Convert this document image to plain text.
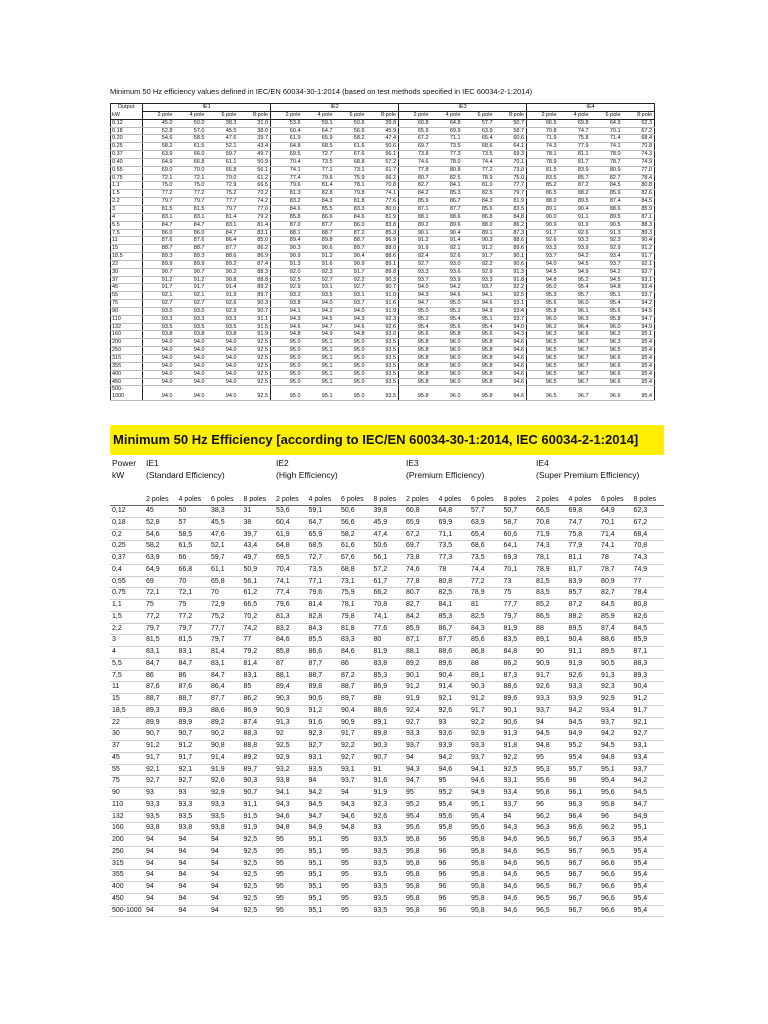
Minimum 50 Hz efficiency values defined in IEC/EN 60034-30-1:2014 (based on test methods specified in IEC 60034-2-1:2014)
Output	IE1				IE2				IE3				IE4			
kW	2 pole	4 pole	6 pole	8 pole	2 pole	4 pole	6 pole	8 pole	2 pole	4 pole	6 pole	8 pole	2 pole	4 pole	6 pole	8 pole
0.12	45.0	50.0	38.3	31.0	53.6	59.1	50.6	39.8	60.8	64.8	57.7	50.7	66.5	69.8	64.9	62.3
0.18	52.8	57.0	45.5	38.0	60.4	64.7	56.6	45.9	65.9	69.9	63.9	58.7	70.8	74.7	70.1	67.2
0.20	54.6	58.5	47.6	39.7	61.9	65.9	58.2	47.4	67.2	71.1	65.4	60.6	71.9	75.8	71.4	68.4
0.25	58.2	61.5	52.1	43.4	64.8	68.5	61.6	50.6	69.7	73.5	68.6	64.1	74.3	77.9	74.1	70.8
0.37	63.9	66.0	59.7	49.7	69.5	72.7	67.6	56.1	73.8	77.3	73.5	69.3	78.1	81.1	78.0	74.3
0.40	64.9	66.8	61.1	50.9	70.4	73.5	68.8	57.2	74.6	78.0	74.4	70.1	78.9	81.7	78.7	74.9
0.55	69.0	70.0	65.8	56.1	74.1	77.1	73.1	61.7	77.8	80.8	77.2	73.0	81.5	83.9	80.9	77.0
0.75	72.1	72.1	70.0	61.2	77.4	79.6	75.9	66.2	80.7	82.5	78.9	75.0	83.5	85.7	82.7	78.4
1.1	75.0	75.0	72.9	66.5	79.6	81.4	78.1	70.8	82.7	84.1	81.0	77.7	85.2	87.2	84.5	80.8
1.5	77.2	77.2	75.2	70.2	81.3	82.8	79.8	74.1	84.2	85.3	82.5	79.7	86.5	88.2	85.9	82.6
2.2	79.7	79.7	77.7	74.2	83.2	84.3	81.8	77.6	85.9	86.7	84.3	81.9	88.0	89.5	87.4	84.5
3	81.5	81.5	79.7	77.0	84.6	85.5	83.3	80.0	87.1	87.7	85.6	83.5	89.1	90.4	88.6	85.9
4	83.1	83.1	81.4	79.2	85.8	86.6	84.6	81.9	88.1	88.6	86.8	84.8	90.0	91.1	89.5	87.1
5.5	84.7	84.7	83.1	81.4	87.0	87.7	86.0	83.8	89.2	89.6	88.0	86.2	90.9	91.9	90.5	88.3
7.5	86.0	86.0	84.7	83.1	88.1	88.7	87.2	85.3	90.1	90.4	89.1	87.3	91.7	92.6	91.3	89.3
11	87.6	87.6	86.4	85.0	89.4	89.8	88.7	86.9	91.2	91.4	90.3	88.6	92.6	93.3	92.3	90.4
15	88.7	88.7	87.7	86.2	90.3	90.6	89.7	88.0	91.9	92.1	91.2	89.6	93.3	93.9	92.9	91.2
18.5	89.3	89.3	88.6	86.9	90.9	91.2	90.4	88.6	92.4	92.6	91.7	90.1	93.7	94.2	93.4	91.7
22	89.9	89.9	89.2	87.4	91.3	91.6	90.9	89.1	92.7	93.0	92.2	90.6	94.0	94.5	93.7	92.1
30	90.7	90.7	90.2	88.3	92.0	92.3	91.7	89.8	93.3	93.6	92.9	91.3	94.5	94.9	94.2	92.7
37	91.2	91.2	90.8	88.8	92.5	92.7	92.2	90.3	93.7	93.9	93.3	91.8	94.8	95.2	94.5	93.1
45	91.7	91.7	91.4	89.2	92.9	93.1	92.7	90.7	94.0	94.2	93.7	92.2	95.0	95.4	94.8	93.4
55	92.1	92.1	91.9	89.7	93.2	93.5	93.1	91.0	94.3	94.6	94.1	92.5	95.3	95.7	95.1	93.7
75	92.7	92.7	92.6	90.3	93.8	94.0	93.7	91.6	94.7	95.0	94.6	93.1	95.6	96.0	95.4	94.2
90	93.0	93.0	92.9	90.7	94.1	94.2	94.0	91.9	95.0	95.2	94.9	93.4	95.8	96.1	95.6	94.5
110	93.3	93.3	93.3	91.1	94.3	94.5	94.3	92.3	95.2	95.4	95.1	93.7	96.0	96.3	95.8	94.7
132	93.5	93.5	93.5	91.5	94.6	94.7	94.6	92.6	95.4	95.6	95.4	94.0	96.2	96.4	96.0	94.9
160	93.8	93.8	93.8	91.9	94.8	94.9	94.8	93.0	95.6	95.8	95.6	94.3	96.3	96.6	96.2	95.1
200	94.0	94.0	94.0	92.5	95.0	95.1	95.0	93.5	95.8	96.0	95.8	94.6	96.5	96.7	96.3	95.4
250	94.0	94.0	94.0	92.5	95.0	95.1	95.0	93.5	95.8	96.0	95.8	94.6	96.5	96.7	96.5	95.4
315	94.0	94.0	94.0	92.5	95.0	95.1	95.0	93.5	95.8	96.0	95.8	94.6	96.5	96.7	96.6	95.4
355	94.0	94.0	94.0	92.5	95.0	95.1	95.0	93.5	95.8	96.0	95.8	94.6	96.5	96.7	96.6	95.4
400	94.0	94.0	94.0	92.5	95.0	95.1	95.0	93.5	95.8	96.0	95.8	94.6	96.5	96.7	96.6	95.4
450	94.0	94.0	94.0	92.5	95.0	95.1	95.0	93.5	95.8	96.0	95.8	94.6	96.5	96.7	96.6	95.4

500-
1000	94.0	94.0	94.0	92.5	95.0	95.1	95.0	93.5	95.8	96.0	95.8	94.6	96.5	96.7	96.6	95.4
Minimum 50 Hz Efficiency [according to IEC/EN 60034-30-1:2014, IEC 60034-2-1:2014]
Power	IE1				IE2				IE3				IE4			
kW	(Standard Efficiency)				(High Efficiency)				(Premium Efficiency)				(Super Premium Efficiency)			
	2 poles	4 poles	6 poles	8 poles	2 poles	4 poles	6 poles	8 poles	2 poles	4 poles	6 poles	8 poles	2 poles	4 poles	6 poles	8 poles
0,12	45	50	38,3	31	53,6	59,1	50,6	39,8	60,8	64,8	57,7	50,7	66,5	69,8	64,9	62,3
0,18	52,8	57	45,5	38	60,4	64,7	56,6	45,9	65,9	69,9	63,9	58,7	70,8	74,7	70,1	67,2
0,2	54,6	58,5	47,6	39,7	61,9	65,9	58,2	47,4	67,2	71,1	65,4	60,6	71,9	75,8	71,4	68,4
0,25	58,2	61,5	52,1	43,4	64,8	68,5	61,6	50,6	69,7	73,5	68,6	64,1	74,3	77,9	74,1	70,8
0,37	63,9	66	59,7	49,7	69,5	72,7	67,6	56,1	73,8	77,3	73,5	69,3	78,1	81,1	78	74,3
0,4	64,9	66,8	61,1	50,9	70,4	73,5	68,8	57,2	74,6	78	74,4	70,1	78,9	81,7	78,7	74,9
0,55	69	70	65,8	56,1	74,1	77,1	73,1	61,7	77,8	80,8	77,2	73	81,5	83,9	80,9	77
0,75	72,1	72,1	70	61,2	77,4	79,6	75,9	66,2	80,7	82,5	78,9	75	83,5	85,7	82,7	78,4
1,1	75	75	72,9	66,5	79,6	81,4	78,1	70,8	82,7	84,1	81	77,7	85,2	87,2	84,5	80,8
1,5	77,2	77,2	75,2	70,2	81,3	82,8	79,8	74,1	84,2	85,3	82,5	79,7	86,5	88,2	85,9	82,6
2,2	79,7	79,7	77,7	74,2	83,2	84,3	81,8	77,6	85,9	86,7	84,3	81,9	88	89,5	87,4	84,5
3	81,5	81,5	79,7	77	84,6	85,5	83,3	80	87,1	87,7	85,6	83,5	89,1	90,4	88,6	85,9
4	83,1	83,1	81,4	79,2	85,8	86,6	84,6	81,9	88,1	88,6	86,8	84,8	90	91,1	89,5	87,1
5,5	84,7	84,7	83,1	81,4	87	87,7	86	83,8	89,2	89,6	88	86,2	90,9	91,9	90,5	88,3
7,5	86	86	84,7	83,1	88,1	88,7	87,2	85,3	90,1	90,4	89,1	87,3	91,7	92,6	91,3	89,3
11	87,6	87,6	86,4	85	89,4	89,8	88,7	86,9	91,2	91,4	90,3	88,6	92,6	93,3	92,3	90,4
15	88,7	88,7	87,7	86,2	90,3	90,6	89,7	88	91,9	92,1	91,2	89,6	93,3	93,9	92,9	91,2
18,5	89,3	89,3	88,6	86,9	90,9	91,2	90,4	88,6	92,4	92,6	91,7	90,1	93,7	94,2	93,4	91,7
22	89,9	89,9	89,2	87,4	91,3	91,6	90,9	89,1	92,7	93	92,2	90,6	94	94,5	93,7	92,1
30	90,7	90,7	90,2	88,3	92	92,3	91,7	89,8	93,3	93,6	92,9	91,3	94,5	94,9	94,2	92,7
37	91,2	91,2	90,8	88,8	92,5	92,7	92,2	90,3	93,7	93,9	93,3	91,8	94,8	95,2	94,5	93,1
45	91,7	91,7	91,4	89,2	92,9	93,1	92,7	90,7	94	94,2	93,7	92,2	95	95,4	94,8	93,4
55	92,1	92,1	91,9	89,7	93,2	93,5	93,1	91	94,3	94,6	94,1	92,5	95,3	95,7	95,1	93,7
75	92,7	92,7	92,6	90,3	93,8	94	93,7	91,6	94,7	95	94,6	93,1	95,6	96	95,4	94,2
90	93	93	92,9	90,7	94,1	94,2	94	91,9	95	95,2	94,9	93,4	95,8	96,1	95,6	94,5
110	93,3	93,3	93,3	91,1	94,3	94,5	94,3	92,3	95,2	95,4	95,1	93,7	96	96,3	95,8	94,7
132	93,5	93,5	93,5	91,5	94,6	94,7	94,6	92,6	95,4	95,6	95,4	94	96,2	96,4	96	94,9
160	93,8	93,8	93,8	91,9	94,8	94,9	94,8	93	95,6	95,8	95,6	94,3	96,3	96,6	96,2	95,1
200	94	94	94	92,5	95	95,1	95	93,5	95,8	96	95,8	94,6	96,5	96,7	96,3	95,4
250	94	94	94	92,5	95	95,1	95	93,5	95,8	96	95,8	94,6	96,5	96,7	96,5	95,4
315	94	94	94	92,5	95	95,1	95	93,5	95,8	96	95,8	94,6	96,5	96,7	96,6	95,4
355	94	94	94	92,5	95	95,1	95	93,5	95,8	96	95,8	94,6	96,5	96,7	96,6	95,4
400	94	94	94	92,5	95	95,1	95	93,5	95,8	96	95,8	94,6	96,5	96,7	96,6	95,4
450	94	94	94	92,5	95	95,1	95	93,5	95,8	96	95,8	94,6	96,5	96,7	96,6	95,4
500-1000	94	94	94	92,5	95	95,1	95	93,5	95,8	96	95,8	94,6	96,5	96,7	96,6	95,4
